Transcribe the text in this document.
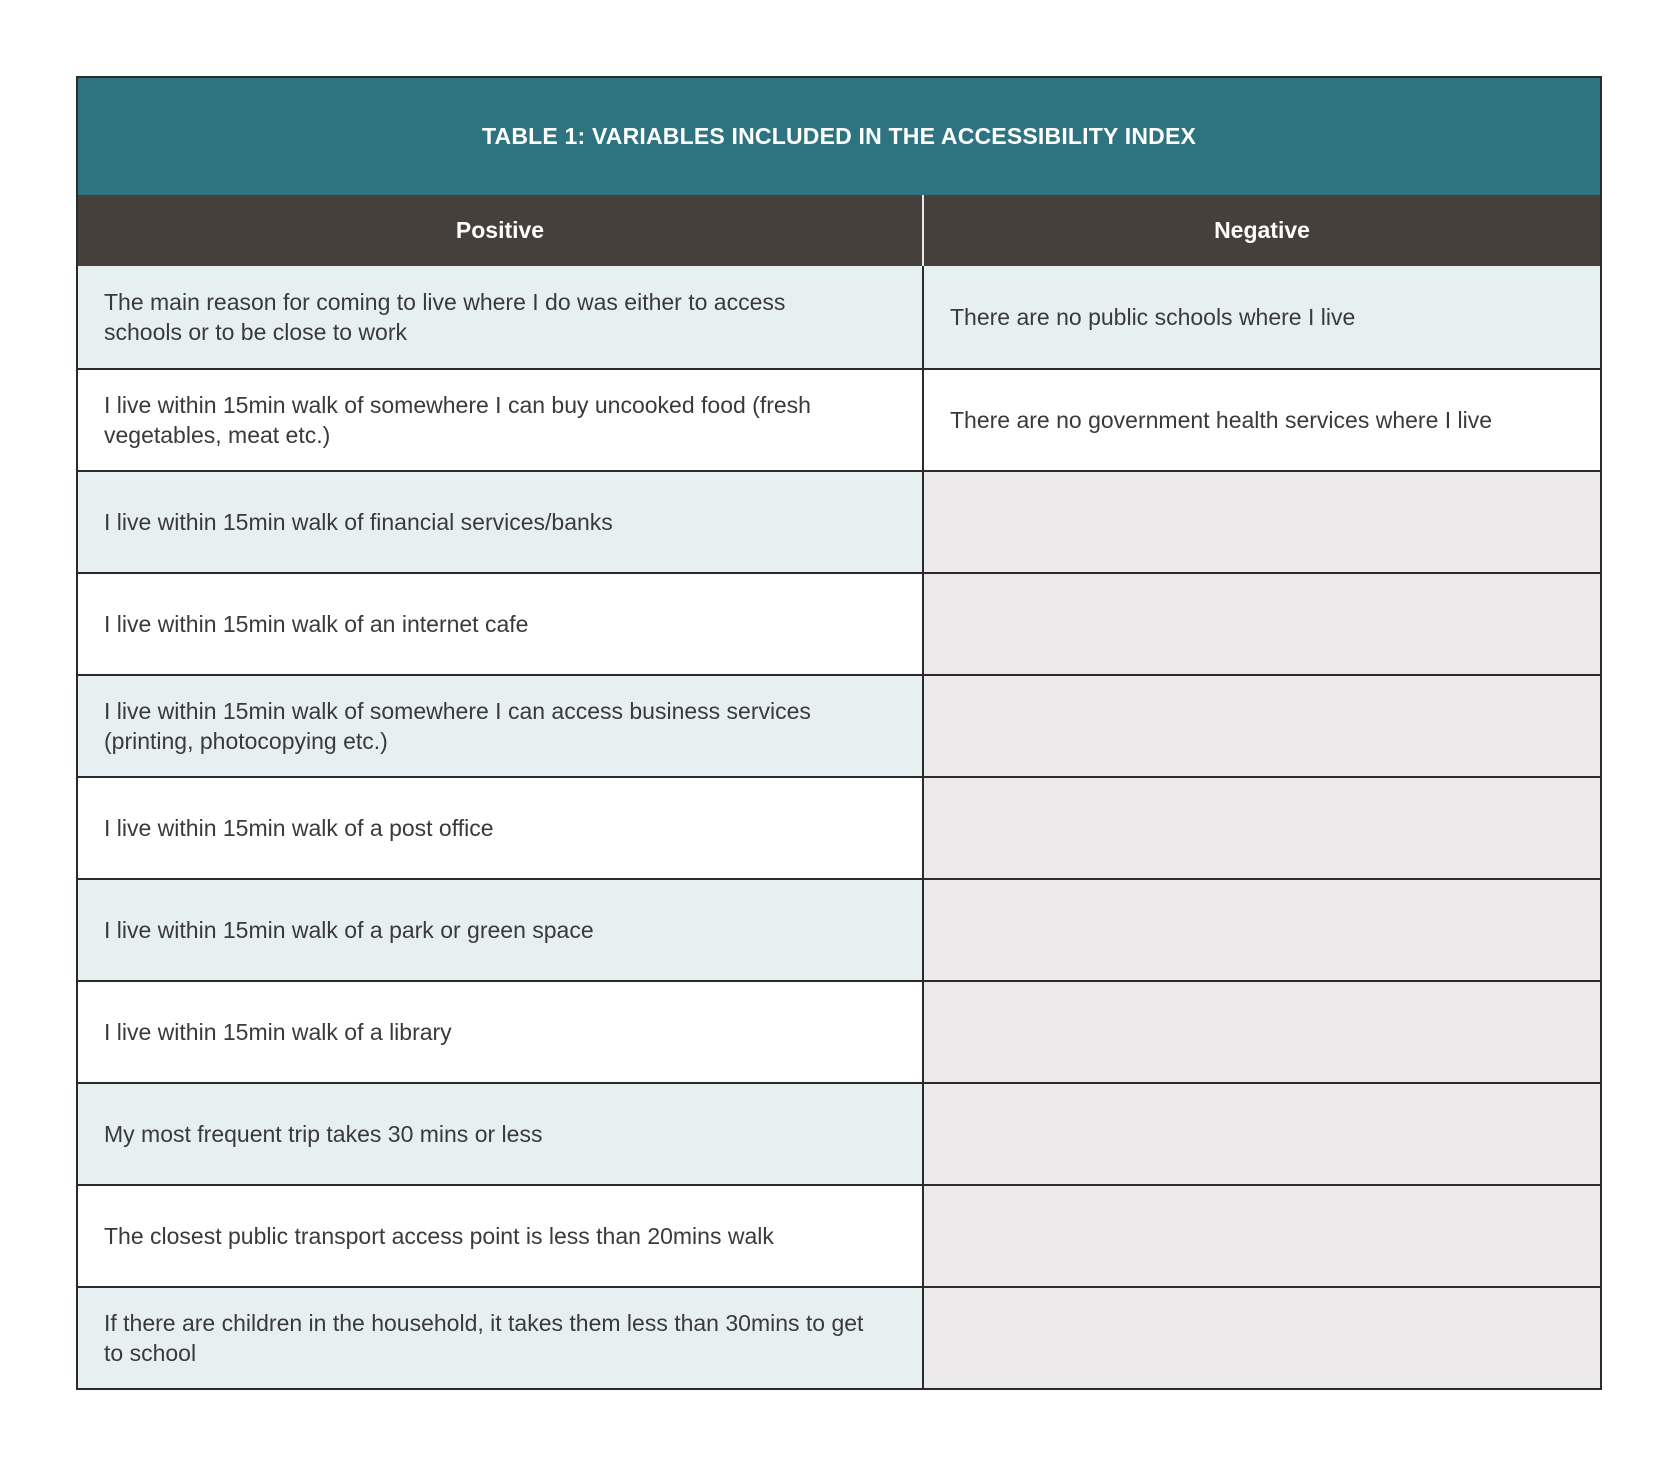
TABLE 1: VARIABLES INCLUDED IN THE ACCESSIBILITY INDEX
Positive	Negative
The main reason for coming to live where I do was either to access schools or to be close to work
There are no public schools where I live
I live within 15min walk of somewhere I can buy uncooked food (fresh vegetables, meat etc.)
There are no government health services where I live
I live within 15min walk of financial services/banks
I live within 15min walk of an internet cafe
I live within 15min walk of somewhere I can access business services (printing, photocopying etc.)
I live within 15min walk of a post office
I live within 15min walk of a park or green space
I live within 15min walk of a library
My most frequent trip takes 30 mins or less
The closest public transport access point is less than 20mins walk
If there are children in the household, it takes them less than 30mins to get to school
